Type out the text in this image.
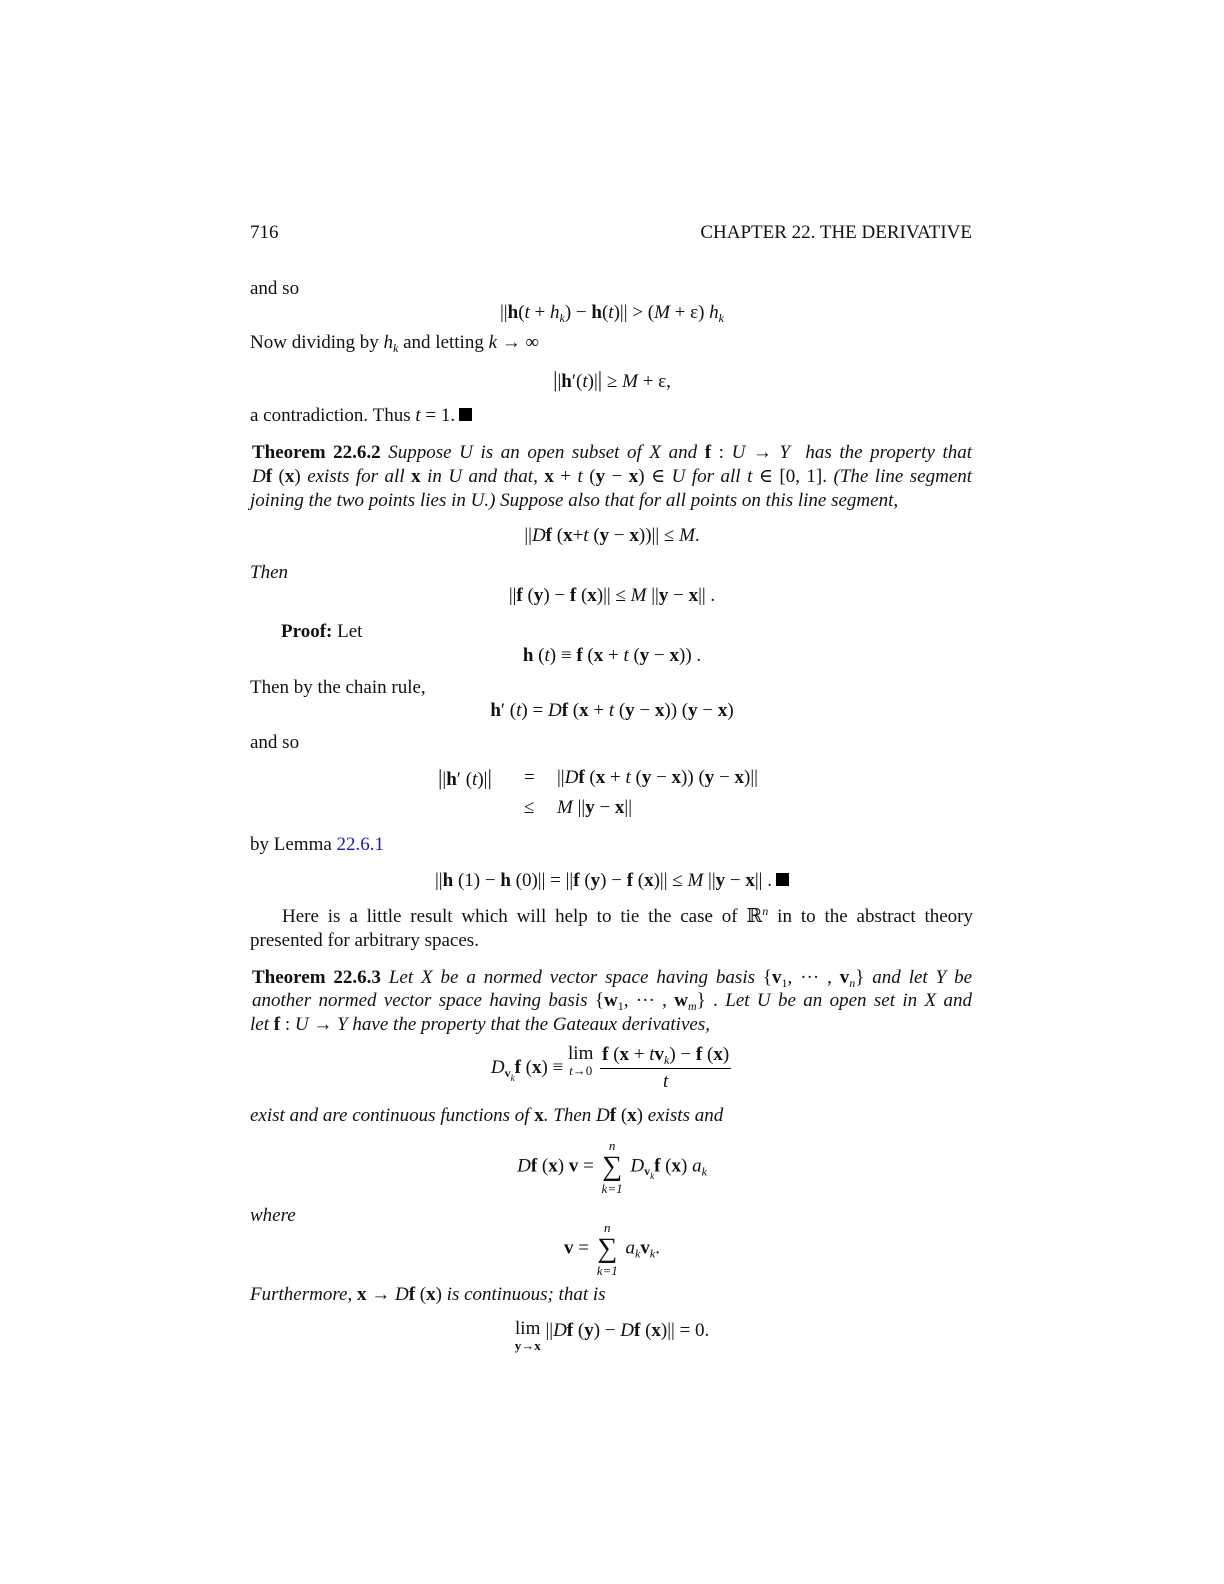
716	CHAPTER 22. THE DERIVATIVE
and so
$||h(t + h_k) - h(t)|| > (M + \varepsilon)$ $h_k$
Now dividing by $h_k$ and letting k → ∞
||h′(t)|| ≥ M + ε,
a contradiction. Thus t = 1.
Theorem 22.6.2 Suppose U is an open subset of X and f : U → Y has the property that
Df (x) exists for all x in U and that, x + t (y − x) ∈ U for all t ∈ [0, 1]. (The line segment
joining the two points lies in U.) Suppose also that for all points on this line segment,
||Df (x+t (y − x))|| ≤ M.
Then
||f (y) − f (x)|| ≤ M ||y − x|| .
Proof: Let
h (t) ≡ f (x + t (y − x)) .
Then by the chain rule,
h′ (t) = Df (x + t (y − x)) (y − x)
and so
||h′ (t)|| = ||Df (x + t (y − x)) (y − x)||
≤ M ||y − x||
by Lemma 22.6.1
||h (1) − h (0)|| = ||f (y) − f (x)|| ≤ M ||y − x|| .
Here is a little result which will help to tie the case of ℝ$^n$ in to the abstract theory
presented for arbitrary spaces.
Theorem 22.6.3 Let X be a normed vector space having basis {$v_1$, ··· , $v_n$} and let Y be
another normed vector space having basis {$w_1$, ··· , $w_m$} . Let U be an open set in X and
let f : U → Y have the property that the Gateaux derivatives,
$D_{v_k}f$ (x) ≡ lim
t→0
$\frac{f (x + tv_k) - f (x)}{t}$
exist and are continuous functions of x. Then Df (x) exists and
Df (x) v =
n
∑
k=1
$D_{v_k}f$ (x) $a_k$
where
v =
n
∑
k=1
$a_kv_k$.
Furthermore, x → Df (x) is continuous; that is
lim
y→x
||Df (y) − Df (x)|| = 0.
